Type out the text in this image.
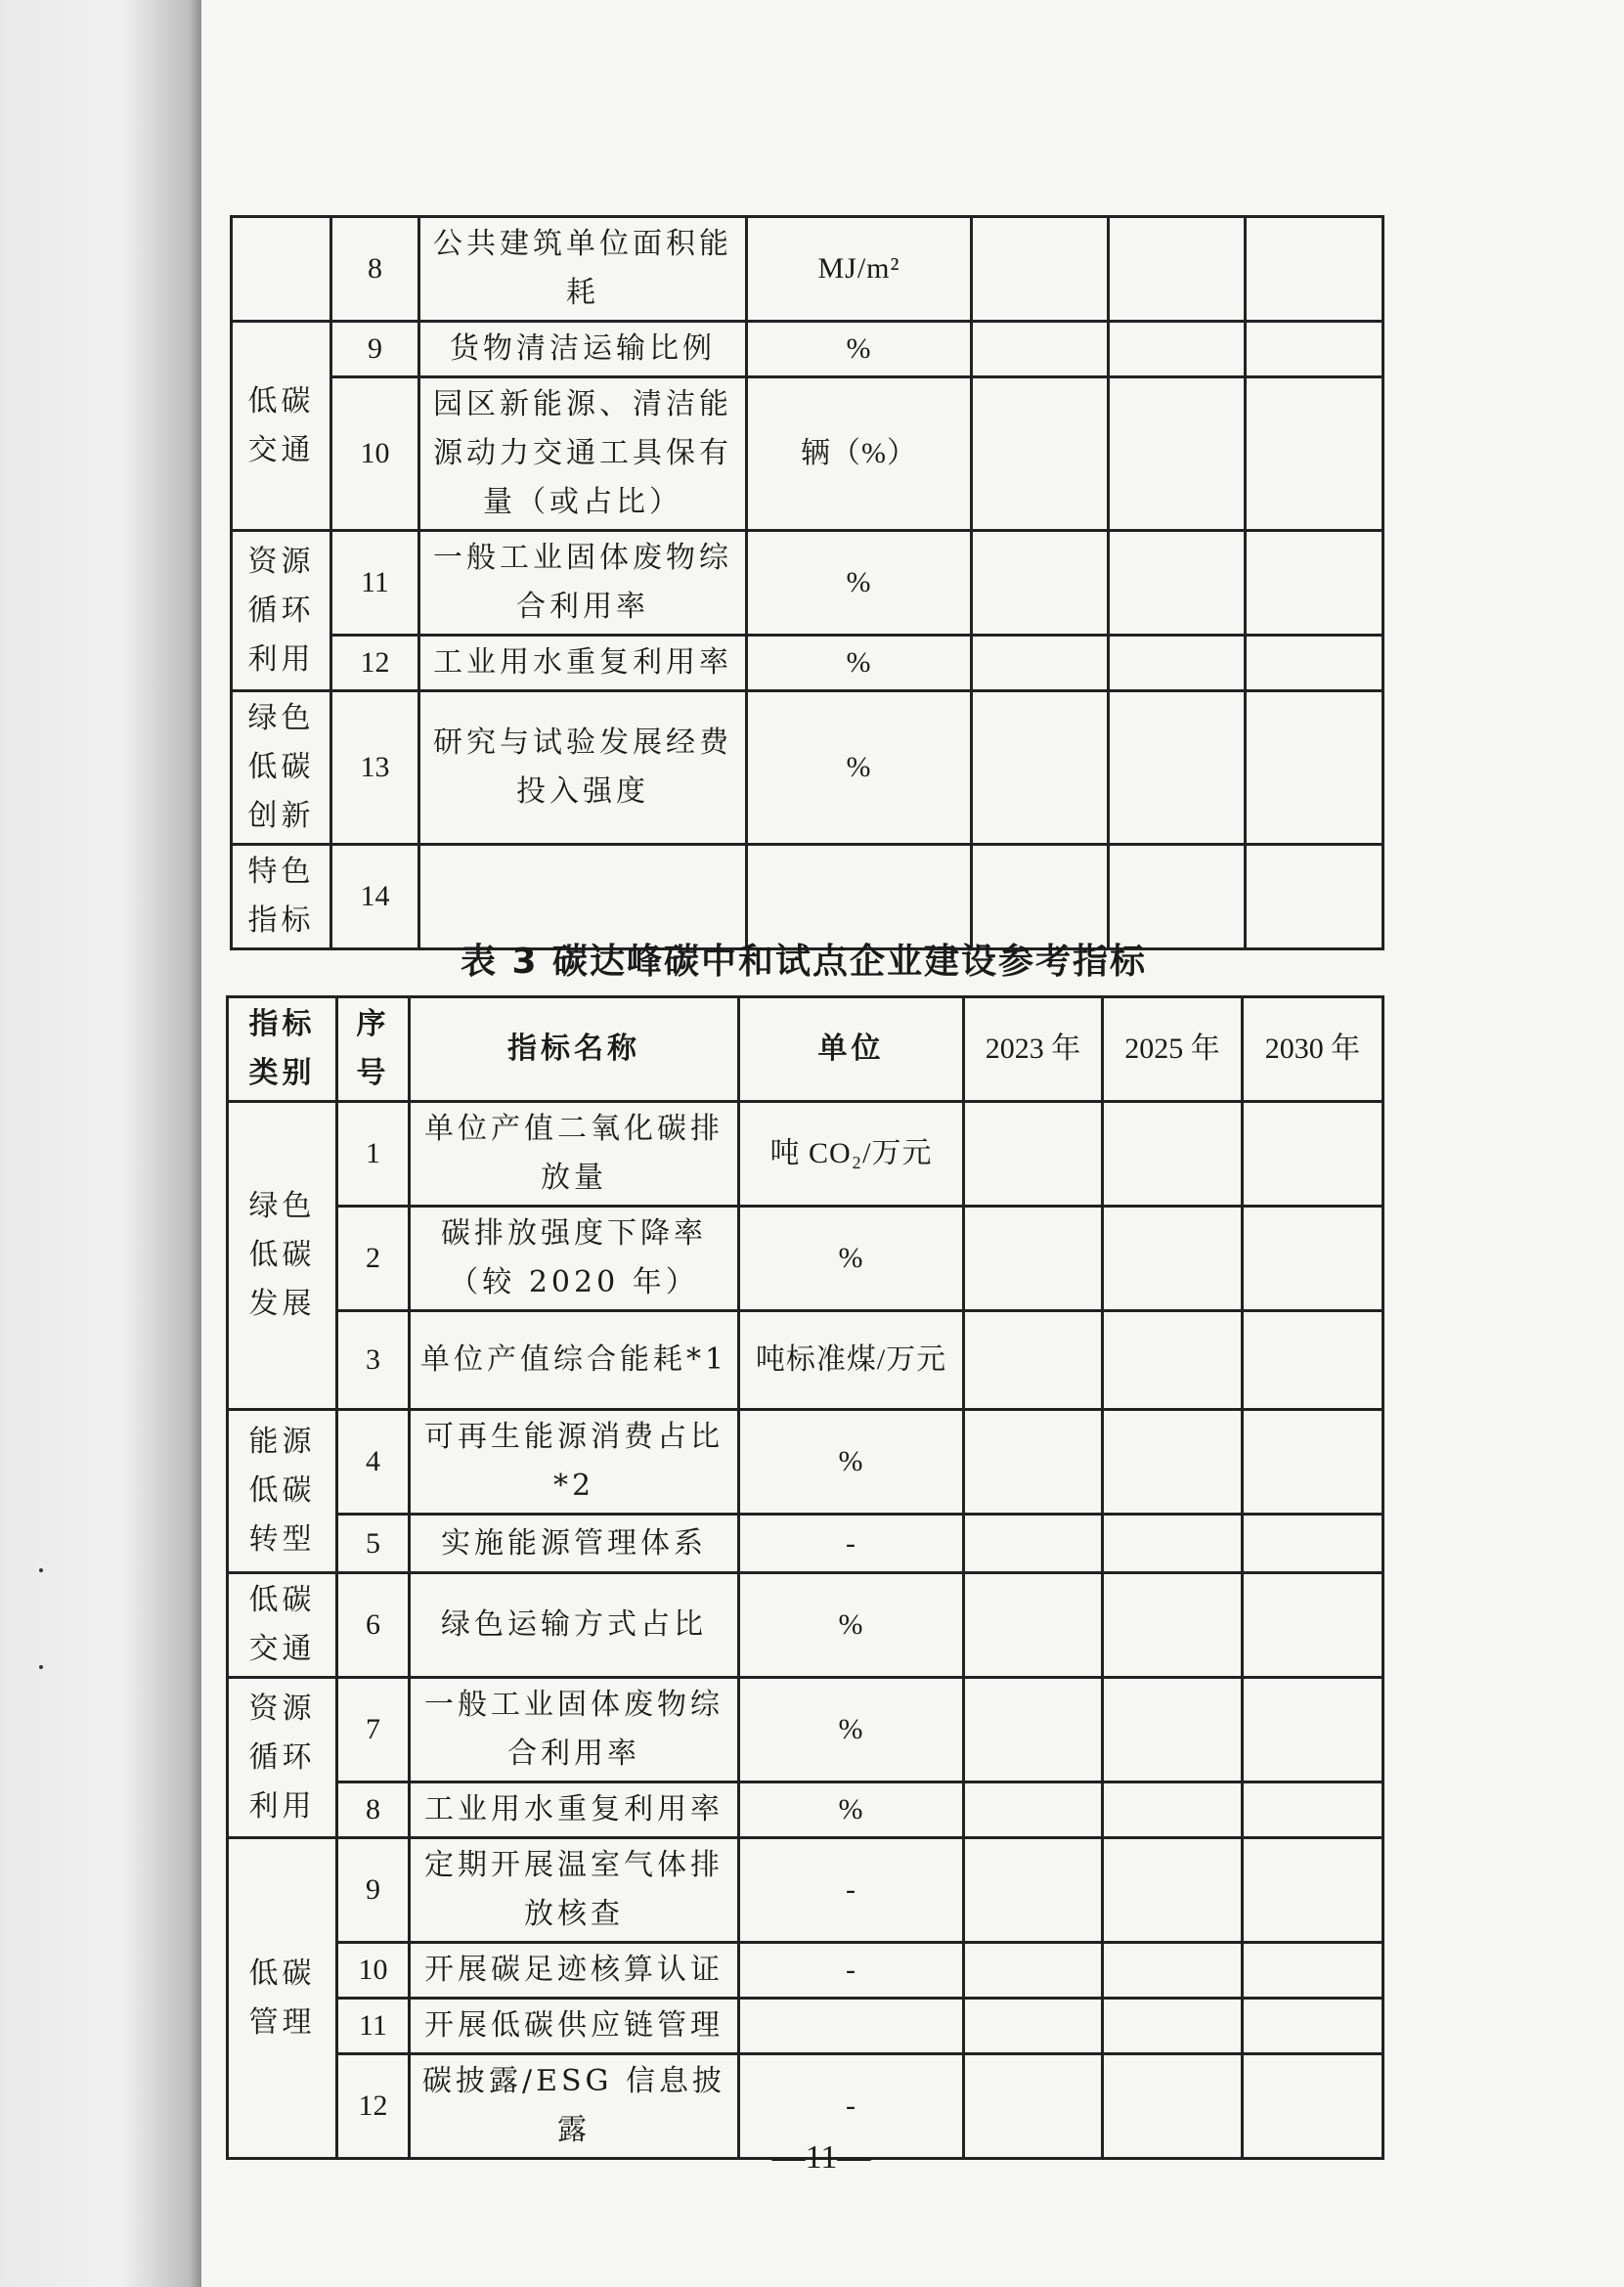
	8	公共建筑单位面积能耗	MJ/m²			
低碳交通	9	货物清洁运输比例	%			
	10	园区新能源、清洁能源动力交通工具保有量（或占比）	辆（%）			
资源循环利用	11	一般工业固体废物综合利用率	%			
	12	工业用水重复利用率	%			
绿色低碳创新	13	研究与试验发展经费投入强度	%			
特色指标	14					
表 3 碳达峰碳中和试点企业建设参考指标
指标类别	序号	指标名称	单位	2023 年	2025 年	2030 年
绿色低碳发展	1	单位产值二氧化碳排放量	吨 CO₂/万元			
	2	碳排放强度下降率（较 2020 年）	%			
	3	单位产值综合能耗*1	吨标准煤/万元			
能源低碳转型	4	可再生能源消费占比*2	%			
	5	实施能源管理体系	-			
低碳交通	6	绿色运输方式占比	%			
资源循环利用	7	一般工业固体废物综合利用率	%			
	8	工业用水重复利用率	%			
低碳管理	9	定期开展温室气体排放核查	-			
	10	开展碳足迹核算认证	-			
	11	开展低碳供应链管理				
	12	碳披露/ESG 信息披露	-			
—11—
